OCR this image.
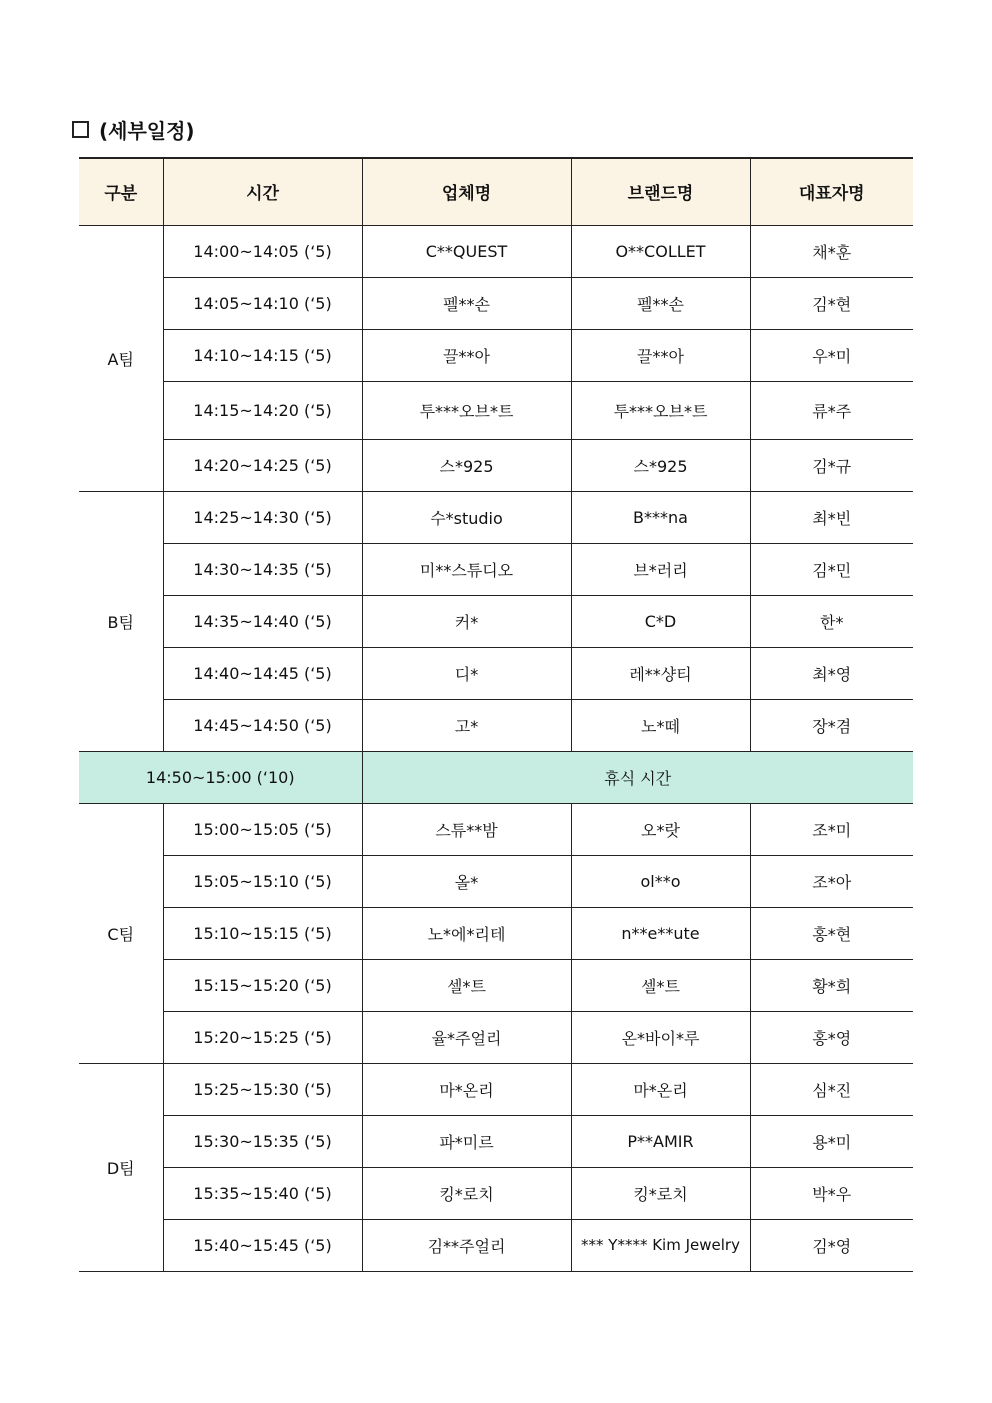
(세부일정)
구분	시간	업체명	브랜드명	대표자명
A팀	14:00~14:05 (‘5)	C**QUEST	O**COLLET	채*훈
	14:05~14:10 (‘5)	펠**손	펠**손	김*현
	14:10~14:15 (‘5)	끌**아	끌**아	우*미
	14:15~14:20 (‘5)	투***오브*트	투***오브*트	류*주
	14:20~14:25 (‘5)	스*925	스*925	김*규
B팀	14:25~14:30 (‘5)	수*studio	B***na	최*빈
	14:30~14:35 (‘5)	미**스튜디오	브*러리	김*민
	14:35~14:40 (‘5)	커*	C*D	한*
	14:40~14:45 (‘5)	디*	레**샹티	최*영
	14:45~14:50 (‘5)	고*	노*떼	장*겸
14:50~15:00 (‘10)		휴식 시간		
C팀	15:00~15:05 (‘5)	스튜**밤	오*랏	조*미
	15:05~15:10 (‘5)	올*	ol**o	조*아
	15:10~15:15 (‘5)	노*에*리테	n**e**ute	홍*현
	15:15~15:20 (‘5)	셀*트	셀*트	황*희
	15:20~15:25 (‘5)	율*주얼리	온*바이*루	홍*영
D팀	15:25~15:30 (‘5)	마*온리	마*온리	심*진
	15:30~15:35 (‘5)	파*미르	P**AMIR	용*미
	15:35~15:40 (‘5)	킹*로치	킹*로치	박*우
	15:40~15:45 (‘5)	김**주얼리	*** Y**** Kim Jewelry	김*영
